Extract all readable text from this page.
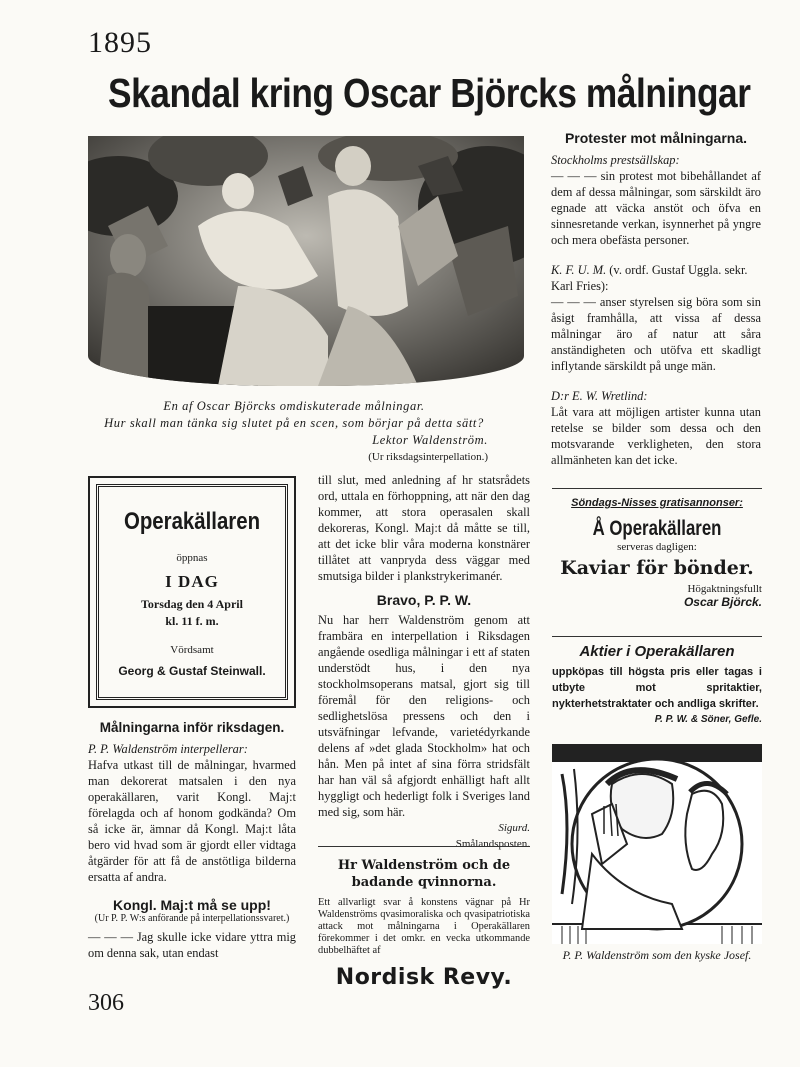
1895
Skandal kring Oscar Björcks målningar
En af Oscar Björcks omdiskuterade målningar.
Hur skall man tänka sig slutet på en scen, som börjar på detta sätt?
Lektor Waldenström.
(Ur riksdagsinterpellation.)
Protester mot målningarna.
Stockholms prestsällskap:

— — — sin protest mot bibehållandet af dem af dessa målningar, som särskildt äro egnade att väcka anstöt och öfva en sinnesretande verkan, isynnerhet på yngre och mera obefästa personer.

K. F. U. M. (v. ordf. Gustaf Uggla. sekr. Karl Fries):

— — — anser styrelsen sig böra som sin åsigt framhålla, att vissa af dessa målningar äro af natur att såra anständigheten och utöfva ett skadligt inflytande särskildt på unge män.

D:r E. W. Wretlind:

Låt vara att möjligen artister kunna utan retelse se bilder som dessa och den motsvarande verkligheten, den stora allmänheten kan det icke.

Operakällaren
öppnas
I DAG
Torsdag den 4 April
kl. 11 f. m.
Vördsamt
Georg & Gustaf Steinwall.
Målningarna inför riksdagen.
P. P. Waldenström interpellerar:

Hafva utkast till de målningar, hvarmed man dekorerat matsalen i den nya operakällaren, varit Kongl. Maj:t förelagda och af honom godkända? Om så icke är, ämnar då Kongl. Maj:t låta bero vid hvad som är gjordt eller vidtaga åtgärder för att få de anstötliga bilderna ersatta af andra.

Kongl. Maj:t må se upp!
(Ur P. P. W:s anförande på interpellationssvaret.)

— — — Jag skulle icke vidare yttra mig om denna sak, utan endast

till slut, med anledning af hr statsrådets ord, uttala en förhoppning, att när den dag kommer, att stora operasalen skall dekoreras, Kongl. Maj:t då måtte se till, att det icke blir våra moderna konstnärer tillåtet att vanpryda dess väggar med smutsiga bilder i plankstrykerimanér.

Bravo, P. P. W.

Nu har herr Waldenström genom att frambära en interpellation i Riksdagen angående osedliga målningar i ett af staten understödt hus, i den nya stockholmsoperans matsal, gjort sig till föremål för den religions- och sedlighetslösa pressens och den i utsväfningar lefvande, varietédyrkande delens af »det glada Stockholm» hat och hån. Men på intet af sina förra stridsfält har han väl så afgjordt enhälligt haft allt hyggligt och hederligt folk i Sveriges land med sig, som här.

Sigurd.
Smålandsposten.
Hr Waldenström och de badande qvinnorna.
Ett allvarligt svar å konstens vägnar på Hr Waldenströms qvasimoraliska och qvasipatriotiska attack mot målningarna i Operakällaren förekommer i det omkr. en vecka utkommande dubbelhäftet af
Nordisk Revy.
Söndags-Nisses gratisannonser:
Å Operakällaren
serveras dagligen:
Kaviar för bönder.
Högaktningsfullt
Oscar Björck.
Aktier i Operakällaren
uppköpas till högsta pris eller tagas i utbyte mot spritaktier, nykterhetstraktater och andliga skrifter.
P. P. W. & Söner, Gefle.
P. P. Waldenström som den kyske Josef.
306
